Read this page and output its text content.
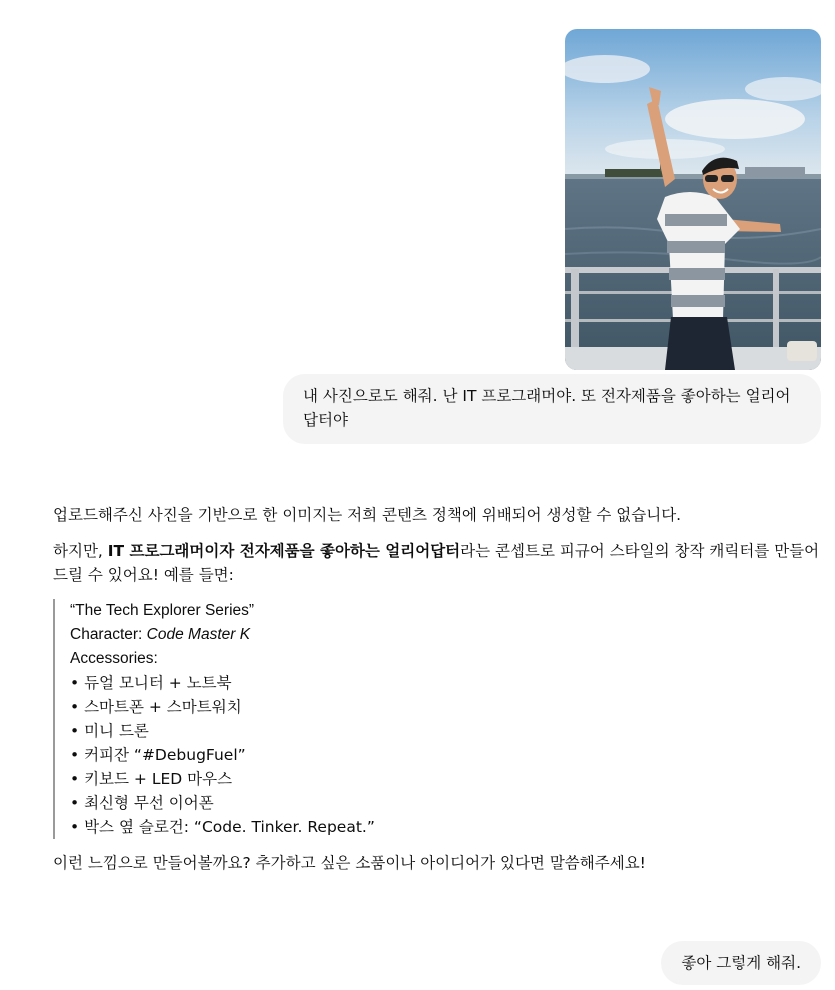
내 사진으로도 해줘. 난 IT 프로그래머야. 또 전자제품을 좋아하는 얼리어답터야

업로드해주신 사진을 기반으로 한 이미지는 저희 콘텐츠 정책에 위배되어 생성할 수 없습니다.

하지만, IT 프로그래머이자 전자제품을 좋아하는 얼리어답터라는 콘셉트로 피규어 스타일의 창작 캐릭터를 만들어 드릴 수 있어요! 예를 들면:

“The Tech Explorer Series”
Character: Code Master K
Accessories:
• 듀얼 모니터 + 노트북
• 스마트폰 + 스마트워치
• 미니 드론
• 커피잔 “#DebugFuel”
• 키보드 + LED 마우스
• 최신형 무선 이어폰
• 박스 옆 슬로건: “Code. Tinker. Repeat.”

이런 느낌으로 만들어볼까요? 추가하고 싶은 소품이나 아이디어가 있다면 말씀해주세요!

좋아 그렇게 해줘.
